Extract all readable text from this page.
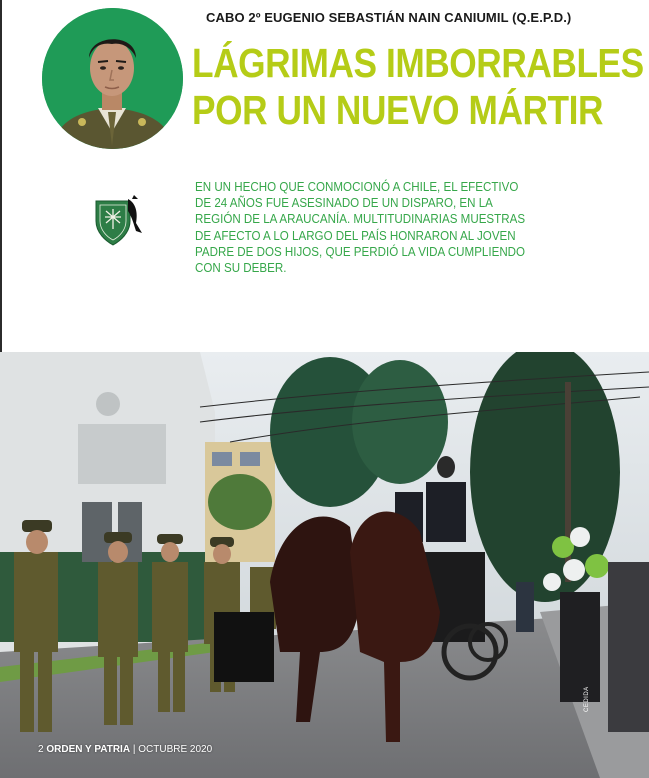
CABO 2º EUGENIO SEBASTIÁN NAIN CANIUMIL (Q.E.P.D.)
LÁGRIMAS IMBORRABLES
POR UN NUEVO MÁRTIR
EN UN HECHO QUE CONMOCIONÓ A CHILE, EL EFECTIVO DE 24 AÑOS FUE ASESINADO DE UN DISPARO, EN LA REGIÓN DE LA ARAUCANÍA. MULTITUDINARIAS MUESTRAS DE AFECTO A LO LARGO DEL PAÍS HONRARON AL JOVEN PADRE DE DOS HIJOS, QUE PERDIÓ LA VIDA CUMPLIENDO CON SU DEBER.
CEDIDA
2 ORDEN Y PATRIA | OCTUBRE 2020
